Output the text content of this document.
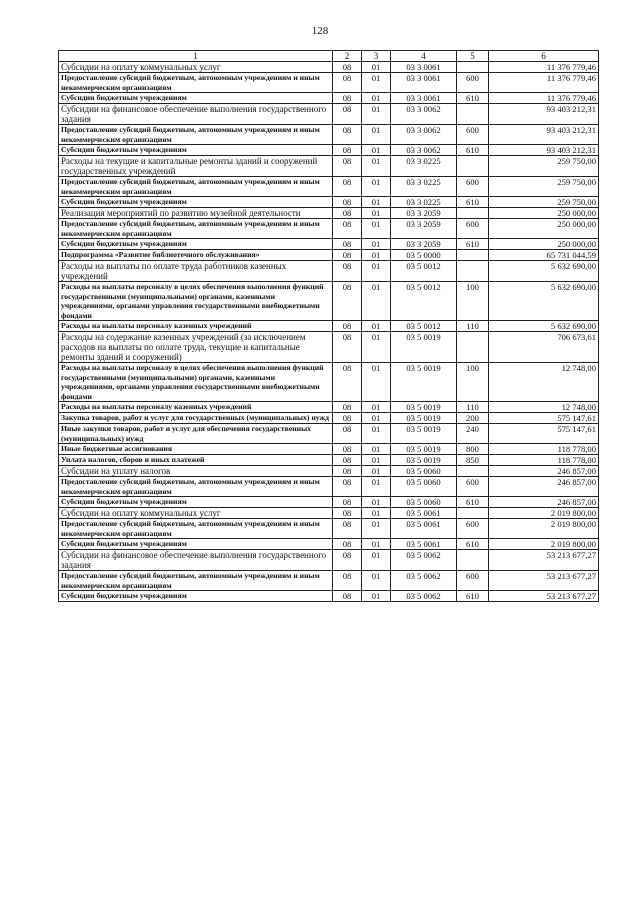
128
1	2	3	4	5	6
Субсидии на оплату коммунальных услуг	08	01	03 3 0061		11 376 779,46
Предоставление субсидий бюджетным, автономным учреждениям и иным некоммерческим организациям	08	01	03 3 0061	600	11 376 779,46
Субсидии бюджетным учреждениям	08	01	03 3 0061	610	11 376 779,46
Субсидии на финансовое обеспечение выполнения государственного задания	08	01	03 3 0062		93 403 212,31
Предоставление субсидий бюджетным, автономным учреждениям и иным некоммерческим организациям	08	01	03 3 0062	600	93 403 212,31
Субсидии бюджетным учреждениям	08	01	03 3 0062	610	93 403 212,31
Расходы на текущие и капитальные ремонты зданий и сооружений государственных учреждений	08	01	03 3 0225		259 750,00
Предоставление субсидий бюджетным, автономным учреждениям и иным некоммерческим организациям	08	01	03 3 0225	600	259 750,00
Субсидии бюджетным учреждениям	08	01	03 3 0225	610	259 750,00
Реализация мероприятий по развитию музейной деятельности	08	01	03 3 2059		250 000,00
Предоставление субсидий бюджетным, автономным учреждениям и иным некоммерческим организациям	08	01	03 3 2059	600	250 000,00
Субсидии бюджетным учреждениям	08	01	03 3 2059	610	250 000,00
Подпрограмма «Развитие библиотечного обслуживания»	08	01	03 5 0000		65 731 044,59
Расходы на выплаты по оплате труда работников казенных учреждений	08	01	03 5 0012		5 632 690,00
Расходы на выплаты персоналу в целях обеспечения выполнения функций государственными (муниципальными) органами, казенными учреждениями, органами управления государственными внебюджетными фондами	08	01	03 5 0012	100	5 632 690,00
Расходы на выплаты персоналу казенных учреждений	08	01	03 5 0012	110	5 632 690,00
Расходы на содержание казенных учреждений (за исключением расходов на выплаты по оплате труда, текущие и капитальные ремонты зданий и сооружений)	08	01	03 5 0019		706 673,61
Расходы на выплаты персоналу в целях обеспечения выполнения функций государственными (муниципальными) органами, казенными учреждениями, органами управления государственными внебюджетными фондами	08	01	03 5 0019	100	12 748,00
Расходы на выплаты персоналу казенных учреждений	08	01	03 5 0019	110	12 748,00
Закупка товаров, работ и услуг для государственных (муниципальных) нужд	08	01	03 5 0019	200	575 147,61
Иные закупки товаров, работ и услуг для обеспечения государственных (муниципальных) нужд	08	01	03 5 0019	240	575 147,61
Иные бюджетные ассигнования	08	01	03 5 0019	800	118 778,00
Уплата налогов, сборов и иных платежей	08	01	03 5 0019	850	118 778,00
Субсидии на уплату налогов	08	01	03 5 0060		246 857,00
Предоставление субсидий бюджетным, автономным учреждениям и иным некоммерческим организациям	08	01	03 5 0060	600	246 857,00
Субсидии бюджетным учреждениям	08	01	03 5 0060	610	246 857,00
Субсидии на оплату коммунальных услуг	08	01	03 5 0061		2 019 800,00
Предоставление субсидий бюджетным, автономным учреждениям и иным некоммерческим организациям	08	01	03 5 0061	600	2 019 800,00
Субсидии бюджетным учреждениям	08	01	03 5 0061	610	2 019 800,00
Субсидии на финансовое обеспечение выполнения государственного задания	08	01	03 5 0062		53 213 677,27
Предоставление субсидий бюджетным, автономным учреждениям и иным некоммерческим организациям	08	01	03 5 0062	600	53 213 677,27
Субсидии бюджетным учреждениям	08	01	03 5 0062	610	53 213 677,27
